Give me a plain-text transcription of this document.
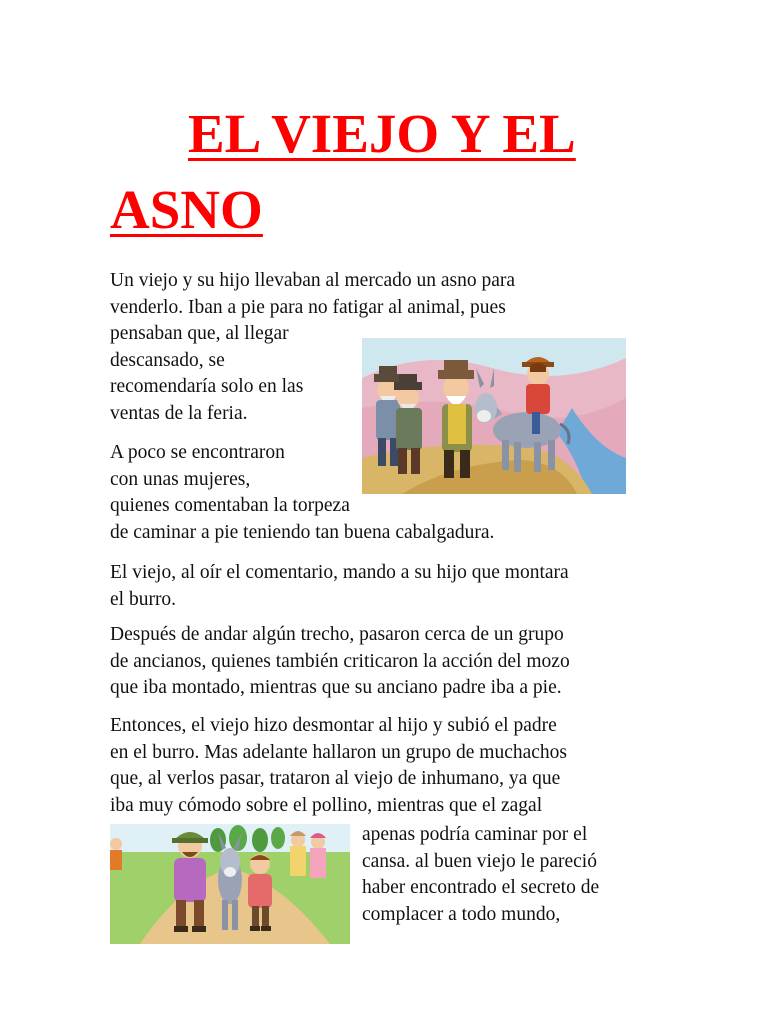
EL VIEJO Y EL
ASNO

Un viejo y su hijo llevaban al mercado un asno para
venderlo. Iban a pie para no fatigar al animal, pues
pensaban que, al llegar
descansado, se
recomendaría solo en las
ventas de la feria.

A poco se encontraron
con unas mujeres,
quienes comentaban la torpeza
de caminar a pie teniendo tan buena cabalgadura.

El viejo, al oír el comentario, mando a su hijo que montara
el burro.

Después de andar algún trecho, pasaron cerca de un grupo
de ancianos, quienes también criticaron la acción del mozo
que iba montado, mientras que su anciano padre iba a pie.

Entonces, el viejo hizo desmontar al hijo y subió el padre
en el burro. Mas adelante hallaron un grupo de muchachos
que, al verlos pasar, trataron al viejo de inhumano, ya que
iba muy cómodo sobre el pollino, mientras que el zagal

apenas podría caminar por el
cansa. al buen viejo le pareció
haber encontrado el secreto de
complacer a todo mundo,
